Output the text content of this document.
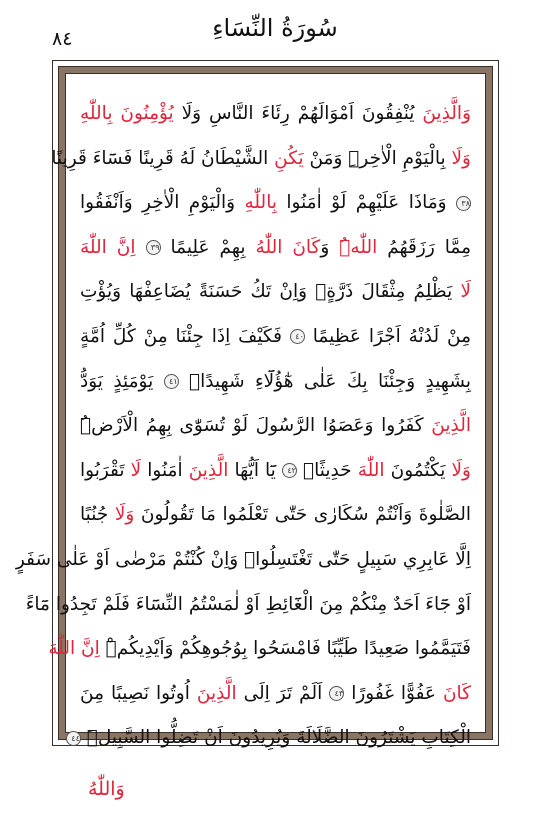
٨٤	سُورَةُ النِّسَاءِ
وَالَّذِينَ يُنْفِقُونَ اَمْوَالَهُمْ رِئَاءَ النَّاسِ وَلَا يُؤْمِنُونَ بِاللّٰهِ
وَلَا بِالْيَوْمِ الْاٰخِرِۜ وَمَنْ يَكُنِ الشَّيْطَانُ لَهُ قَرِينًا فَسَٓاءَ قَرِينًا
٣٨ وَمَاذَا عَلَيْهِمْ لَوْ اٰمَنُوا بِاللّٰهِ وَالْيَوْمِ الْاٰخِرِ وَاَنْفَقُوا
مِمَّا رَزَقَهُمُ اللّٰهُۜ وَكَانَ اللّٰهُ بِهِمْ عَلِيمًا ٣٩ اِنَّ اللّٰهَ
لَا يَظْلِمُ مِثْقَالَ ذَرَّةٍۚ وَاِنْ تَكُ حَسَنَةً يُضَاعِفْهَا وَيُؤْتِ
مِنْ لَدُنْهُ اَجْرًا عَظِيمًا ٤٠ فَكَيْفَ اِذَا جِئْنَا مِنْ كُلِّ اُمَّةٍ
بِشَهِيدٍ وَجِئْنَا بِكَ عَلٰى هٰٓؤُلَٓاءِ شَهِيدًاۜ ٤١ يَوْمَئِذٍ يَوَدُّ
الَّذِينَ كَفَرُوا وَعَصَوُا الرَّسُولَ لَوْ تُسَوّٰى بِهِمُ الْاَرْضُۜ
وَلَا يَكْتُمُونَ اللّٰهَ حَدِيثًا۟ ٤٢ يَٓا اَيُّهَا الَّذِينَ اٰمَنُوا لَا تَقْرَبُوا
الصَّلٰوةَ وَاَنْتُمْ سُكَارٰى حَتّٰى تَعْلَمُوا مَا تَقُولُونَ وَلَا جُنُبًا
اِلَّا عَابِرِي سَبِيلٍ حَتّٰى تَغْتَسِلُواۜ وَاِنْ كُنْتُمْ مَرْضٰى اَوْ عَلٰى سَفَرٍ
اَوْ جَٓاءَ اَحَدٌ مِنْكُمْ مِنَ الْغَٓائِطِ اَوْ لٰمَسْتُمُ النِّسَٓاءَ فَلَمْ تَجِدُوا مَٓاءً
فَتَيَمَّمُوا صَعِيدًا طَيِّبًا فَامْسَحُوا بِوُجُوهِكُمْ وَاَيْدِيكُمْۜ اِنَّ اللّٰهَ
كَانَ عَفُوًّا غَفُورًا ٤٣ اَلَمْ تَرَ اِلَى الَّذِينَ اُوتُوا نَصِيبًا مِنَ
الْكِتَابِ يَشْتَرُونَ الضَّلَالَةَ وَيُرِيدُونَ اَنْ تَضِلُّوا السَّبِيلَۜ ٤٤
وَاللّٰهُ
